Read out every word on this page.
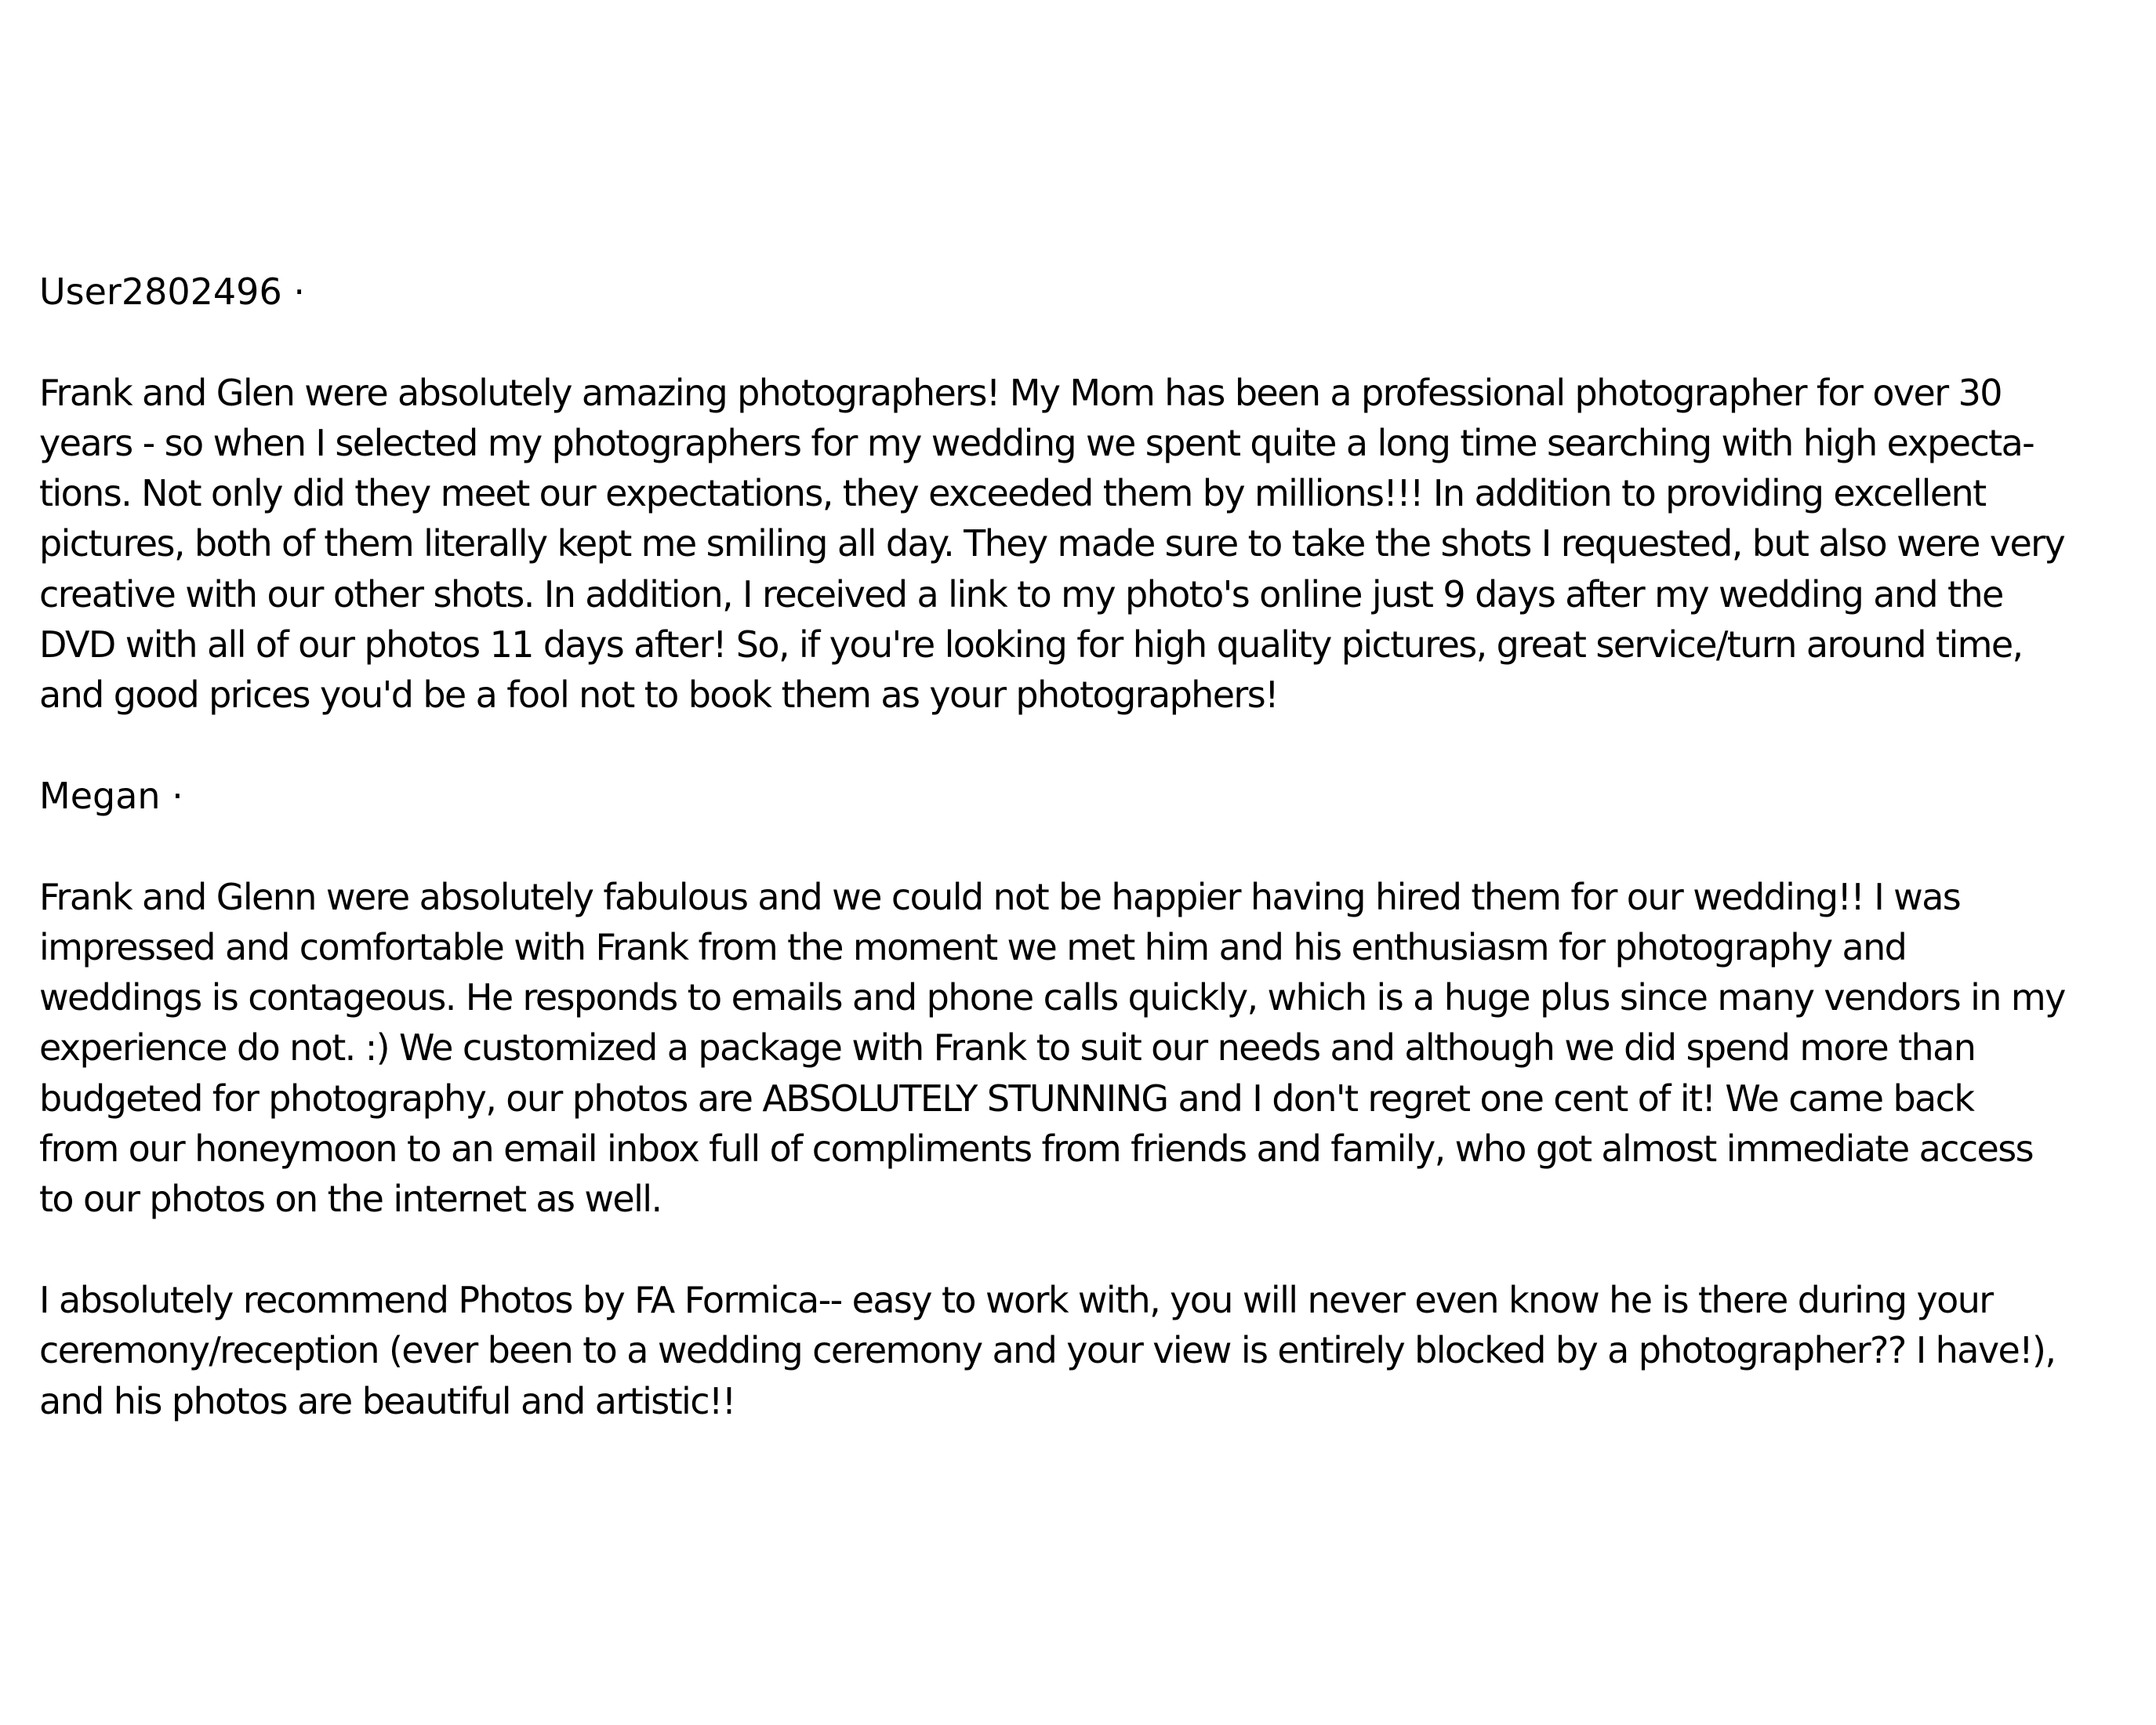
User2802496 ·

Frank and Glen were absolutely amazing photographers! My Mom has been a professional photographer for over 30
years - so when I selected my photographers for my wedding we spent quite a long time searching with high expecta-
tions. Not only did they meet our expectations, they exceeded them by millions!!! In addition to providing excellent
pictures, both of them literally kept me smiling all day. They made sure to take the shots I requested, but also were very
creative with our other shots. In addition, I received a link to my photo's online just 9 days after my wedding and the
DVD with all of our photos 11 days after! So, if you're looking for high quality pictures, great service/turn around time,
and good prices you'd be a fool not to book them as your photographers!

Megan ·

Frank and Glenn were absolutely fabulous and we could not be happier having hired them for our wedding!! I was
impressed and comfortable with Frank from the moment we met him and his enthusiasm for photography and
weddings is contageous. He responds to emails and phone calls quickly, which is a huge plus since many vendors in my
experience do not. :) We customized a package with Frank to suit our needs and although we did spend more than
budgeted for photography, our photos are ABSOLUTELY STUNNING and I don't regret one cent of it! We came back
from our honeymoon to an email inbox full of compliments from friends and family, who got almost immediate access
to our photos on the internet as well.

I absolutely recommend Photos by FA Formica-- easy to work with, you will never even know he is there during your
ceremony/reception (ever been to a wedding ceremony and your view is entirely blocked by a photographer?? I have!),
and his photos are beautiful and artistic!!
